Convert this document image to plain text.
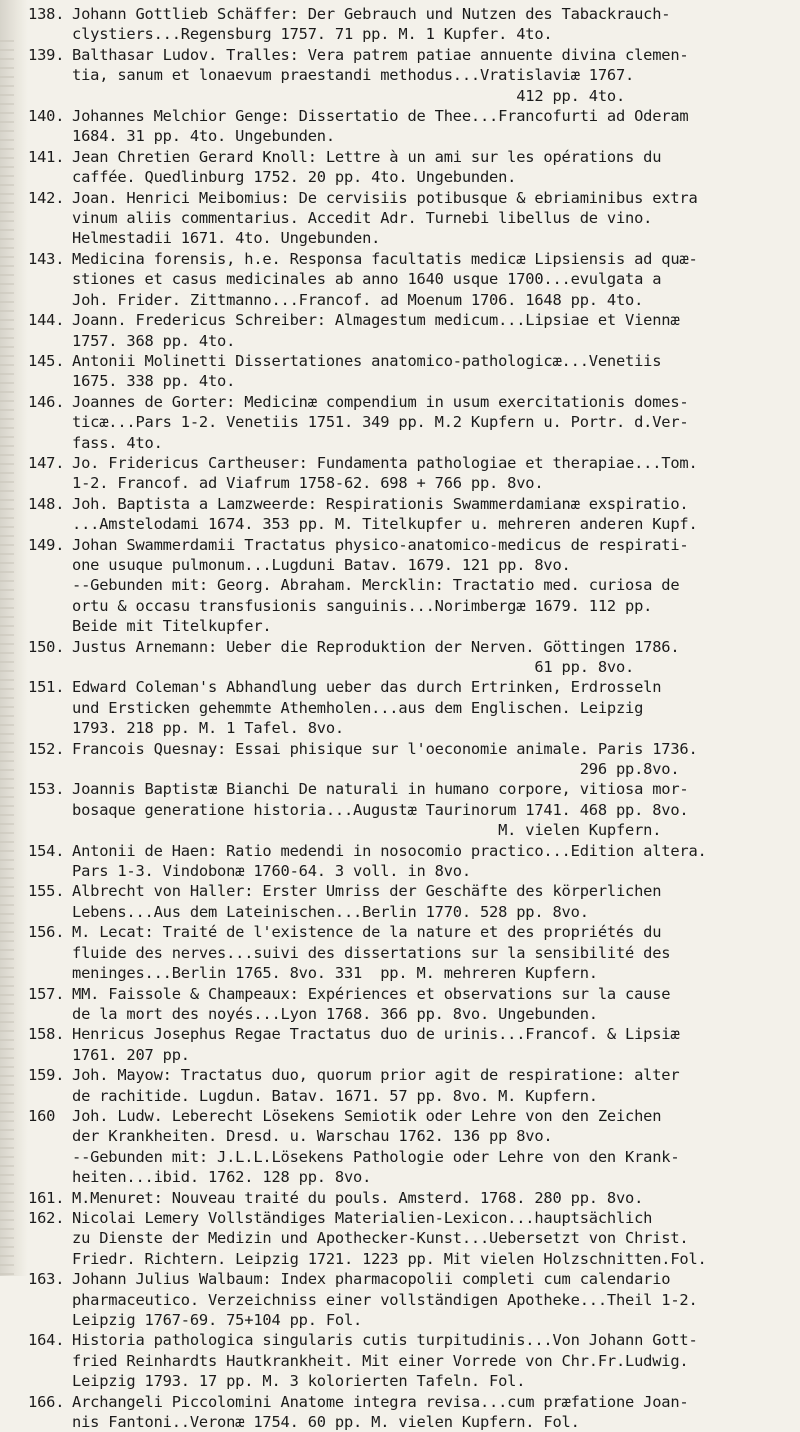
138. Johann Gottlieb Schäffer: Der Gebrauch und Nutzen des Tabackrauch-
clystiers...Regensburg 1757. 71 pp. M. 1 Kupfer. 4to.
139. Balthasar Ludov. Tralles: Vera patrem patiae annuente divina clemen-
tia, sanum et lonaevum praestandi methodus...Vratislaviæ 1767.
412 pp. 4to.
140. Johannes Melchior Genge: Dissertatio de Thee...Francofurti ad Oderam
1684. 31 pp. 4to. Ungebunden.
141. Jean Chretien Gerard Knoll: Lettre à un ami sur les opérations du
caffée. Quedlinburg 1752. 20 pp. 4to. Ungebunden.
142. Joan. Henrici Meibomius: De cervisiis potibusque & ebriaminibus extra
vinum aliis commentarius. Accedit Adr. Turnebi libellus de vino.
Helmestadii 1671. 4to. Ungebunden.
143. Medicina forensis, h.e. Responsa facultatis medicæ Lipsiensis ad quæ-
stiones et casus medicinales ab anno 1640 usque 1700...evulgata a
Joh. Frider. Zittmanno...Francof. ad Moenum 1706. 1648 pp. 4to.
144. Joann. Fredericus Schreiber: Almagestum medicum...Lipsiae et Viennæ
1757. 368 pp. 4to.
145. Antonii Molinetti Dissertationes anatomico-pathologicæ...Venetiis
1675. 338 pp. 4to.
146. Joannes de Gorter: Medicinæ compendium in usum exercitationis domes-
ticæ...Pars 1-2. Venetiis 1751. 349 pp. M.2 Kupfern u. Portr. d.Ver-
fass. 4to.
147. Jo. Fridericus Cartheuser: Fundamenta pathologiae et therapiae...Tom.
1-2. Francof. ad Viafrum 1758-62. 698 + 766 pp. 8vo.
148. Joh. Baptista a Lamzweerde: Respirationis Swammerdamianæ exspiratio.
...Amstelodami 1674. 353 pp. M. Titelkupfer u. mehreren anderen Kupf.
149. Johan Swammerdamii Tractatus physico-anatomico-medicus de respirati-
one usuque pulmonum...Lugduni Batav. 1679. 121 pp. 8vo.
--Gebunden mit: Georg. Abraham. Mercklin: Tractatio med. curiosa de
ortu & occasu transfusionis sanguinis...Norimbergæ 1679. 112 pp.
Beide mit Titelkupfer.
150. Justus Arnemann: Ueber die Reproduktion der Nerven. Göttingen 1786.
61 pp. 8vo.
151. Edward Coleman's Abhandlung ueber das durch Ertrinken, Erdrosseln
und Ersticken gehemmte Athemholen...aus dem Englischen. Leipzig
1793. 218 pp. M. 1 Tafel. 8vo.
152. Francois Quesnay: Essai phisique sur l'oeconomie animale. Paris 1736.
296 pp.8vo.
153. Joannis Baptistæ Bianchi De naturali in humano corpore, vitiosa mor-
bosaque generatione historia...Augustæ Taurinorum 1741. 468 pp. 8vo.
M. vielen Kupfern.
154. Antonii de Haen: Ratio medendi in nosocomio practico...Edition altera.
Pars 1-3. Vindobonæ 1760-64. 3 voll. in 8vo.
155. Albrecht von Haller: Erster Umriss der Geschäfte des körperlichen
Lebens...Aus dem Lateinischen...Berlin 1770. 528 pp. 8vo.
156. M. Lecat: Traité de l'existence de la nature et des propriétés du
fluide des nerves...suivi des dissertations sur la sensibilité des
meninges...Berlin 1765. 8vo. 331  pp. M. mehreren Kupfern.
157. MM. Faissole & Champeaux: Expériences et observations sur la cause
de la mort des noyés...Lyon 1768. 366 pp. 8vo. Ungebunden.
158. Henricus Josephus Regae Tractatus duo de urinis...Francof. & Lipsiæ
1761. 207 pp.
159. Joh. Mayow: Tractatus duo, quorum prior agit de respiratione: alter
de rachitide. Lugdun. Batav. 1671. 57 pp. 8vo. M. Kupfern.
160	Joh. Ludw. Leberecht Lösekens Semiotik oder Lehre von den Zeichen
der Krankheiten. Dresd. u. Warschau 1762. 136 pp 8vo.
--Gebunden mit: J.L.L.Lösekens Pathologie oder Lehre von den Krank-
heiten...ibid. 1762. 128 pp. 8vo.
161. M.Menuret: Nouveau traité du pouls. Amsterd. 1768. 280 pp. 8vo.
162. Nicolai Lemery Vollständiges Materialien-Lexicon...hauptsächlich
zu Dienste der Medizin und Apothecker-Kunst...Uebersetzt von Christ.
Friedr. Richtern. Leipzig 1721. 1223 pp. Mit vielen Holzschnitten.Fol.
163. Johann Julius Walbaum: Index pharmacopolii completi cum calendario
pharmaceutico. Verzeichniss einer vollständigen Apotheke...Theil 1-2.
Leipzig 1767-69. 75+104 pp. Fol.
164. Historia pathologica singularis cutis turpitudinis...Von Johann Gott-
fried Reinhardts Hautkrankheit. Mit einer Vorrede von Chr.Fr.Ludwig.
Leipzig 1793. 17 pp. M. 3 kolorierten Tafeln. Fol.
166. Archangeli Piccolomini Anatome integra revisa...cum præfatione Joan-
nis Fantoni..Veronæ 1754. 60 pp. M. vielen Kupfern. Fol.
